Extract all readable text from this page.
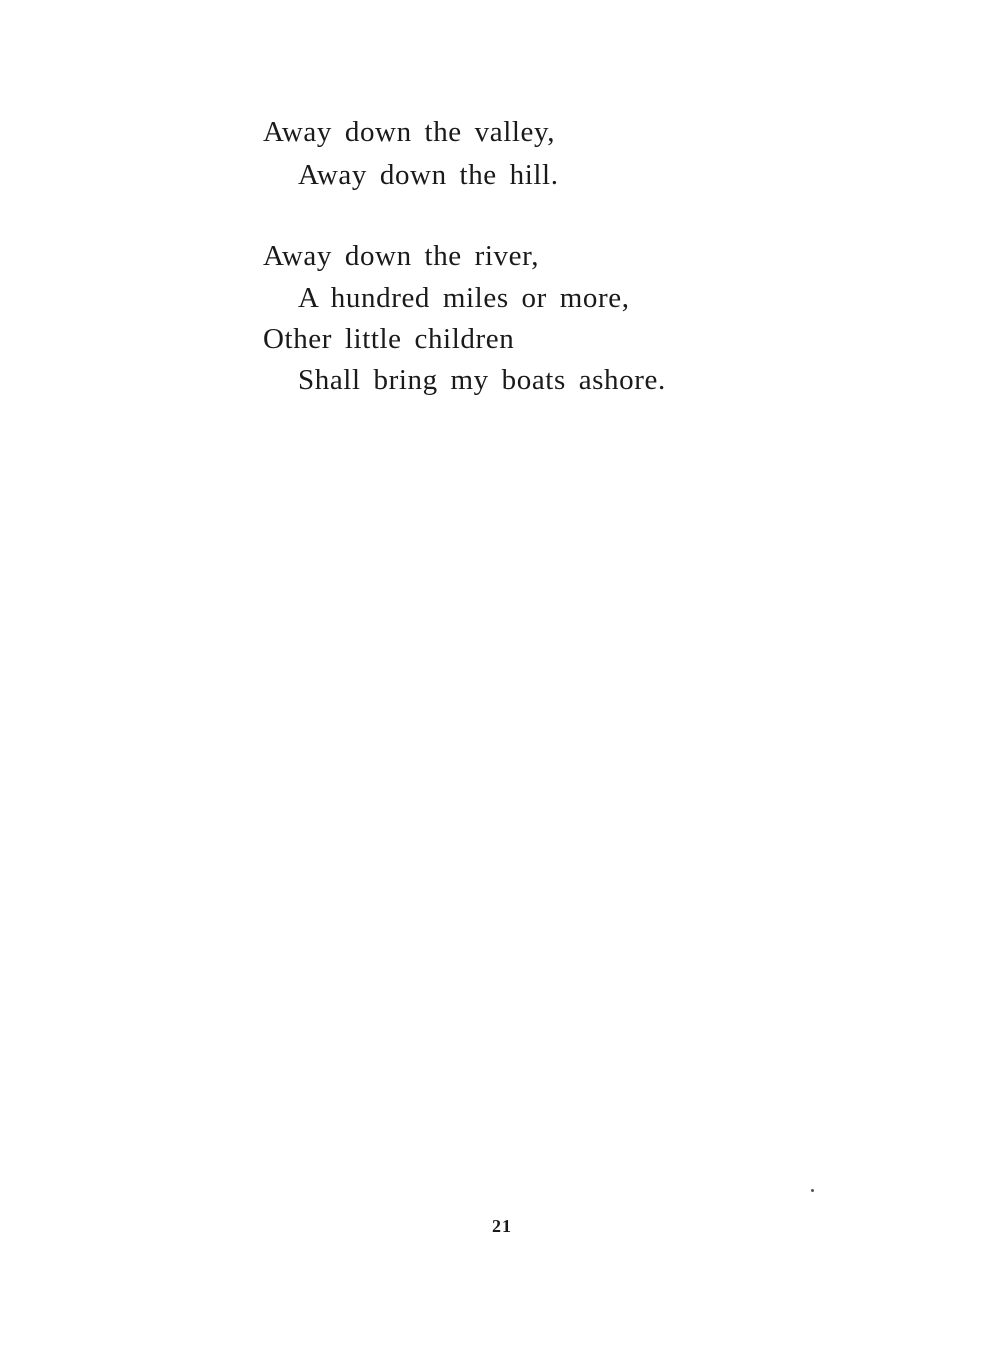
Away down the valley,
Away down the hill.
Away down the river,
A hundred miles or more,
Other little children
Shall bring my boats ashore.
21
